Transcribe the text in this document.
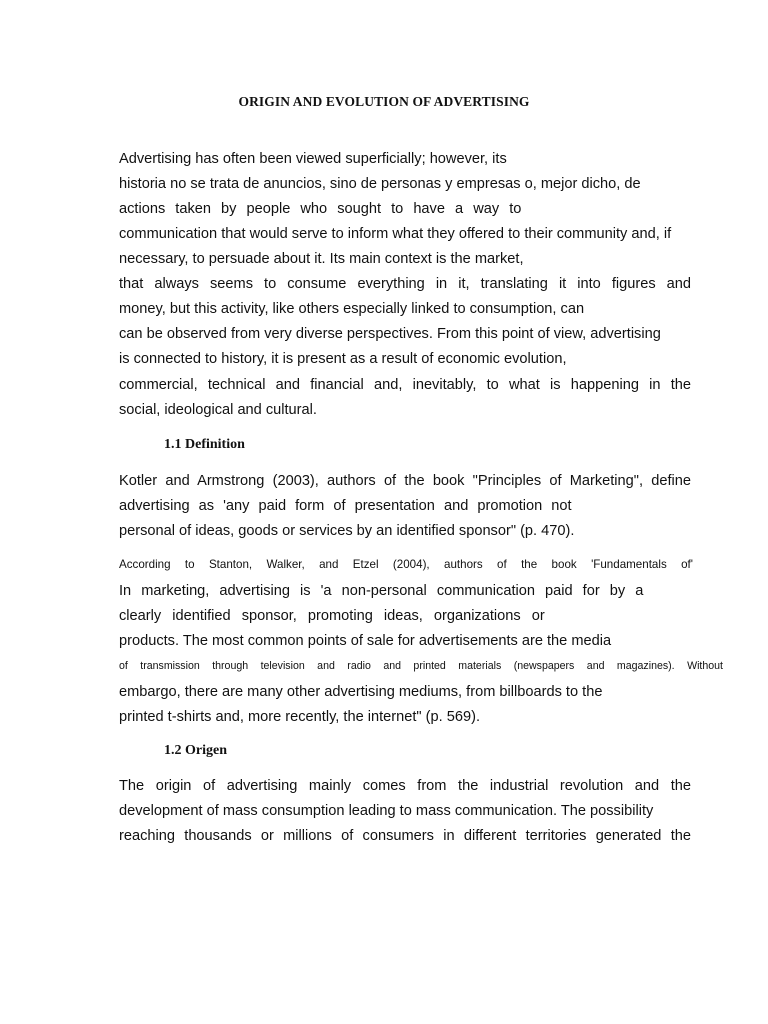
ORIGIN AND EVOLUTION OF ADVERTISING
Advertising has often been viewed superficially; however, its
historia no se trata de anuncios, sino de personas y empresas o, mejor dicho, de
actions taken by people who sought to have a way to
communication that would serve to inform what they offered to their community and, if
necessary, to persuade about it. Its main context is the market,
that always seems to consume everything in it, translating it into figures and
money, but this activity, like others especially linked to consumption, can
can be observed from very diverse perspectives. From this point of view, advertising
is connected to history, it is present as a result of economic evolution,
commercial, technical and financial and, inevitably, to what is happening in the
social, ideological and cultural.
1.1 Definition
Kotler and Armstrong (2003), authors of the book "Principles of Marketing", define
advertising as 'any paid form of presentation and promotion not
personal of ideas, goods or services by an identified sponsor" (p. 470).
According to Stanton, Walker, and Etzel (2004), authors of the book 'Fundamentals of'
In marketing, advertising is 'a non-personal communication paid for by a
clearly identified sponsor, promoting ideas, organizations or
products. The most common points of sale for advertisements are the media
of transmission through television and radio and printed materials (newspapers and magazines). Without
embargo, there are many other advertising mediums, from billboards to the
printed t-shirts and, more recently, the internet" (p. 569).
1.2 Origen
The origin of advertising mainly comes from the industrial revolution and the
development of mass consumption leading to mass communication. The possibility
reaching thousands or millions of consumers in different territories generated the
